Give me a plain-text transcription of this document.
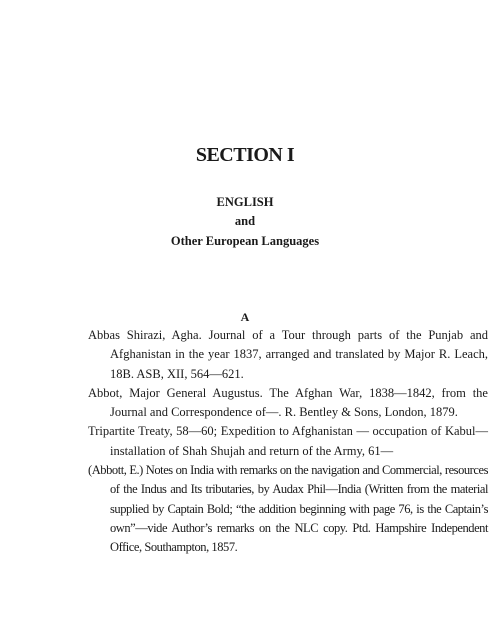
SECTION I
ENGLISH
and
Other European Languages
A

Abbas Shirazi, Agha. Journal of a Tour through parts of the Punjab and Afghanistan in the year 1837, arranged and translated by Major R. Leach, 18B. ASB, XII, 564—621.

Abbot, Major General Augustus. The Afghan War, 1838—1842, from the Journal and Correspondence of—. R. Bentley & Sons, London, 1879.

Tripartite Treaty, 58—60; Expedition to Afghanistan — occupation of Kabul—installation of Shah Shujah and return of the Army, 61—

(Abbott, E.) Notes on India with remarks on the navigation and Commercial, resources of the Indus and Its tributaries, by Audax Phil—India (Written from the material supplied by Captain Bold; “the addition beginning with page 76, is the Captain’s own”—vide Author’s remarks on the NLC copy. Ptd. Hampshire Independent Office, Southampton, 1857.
